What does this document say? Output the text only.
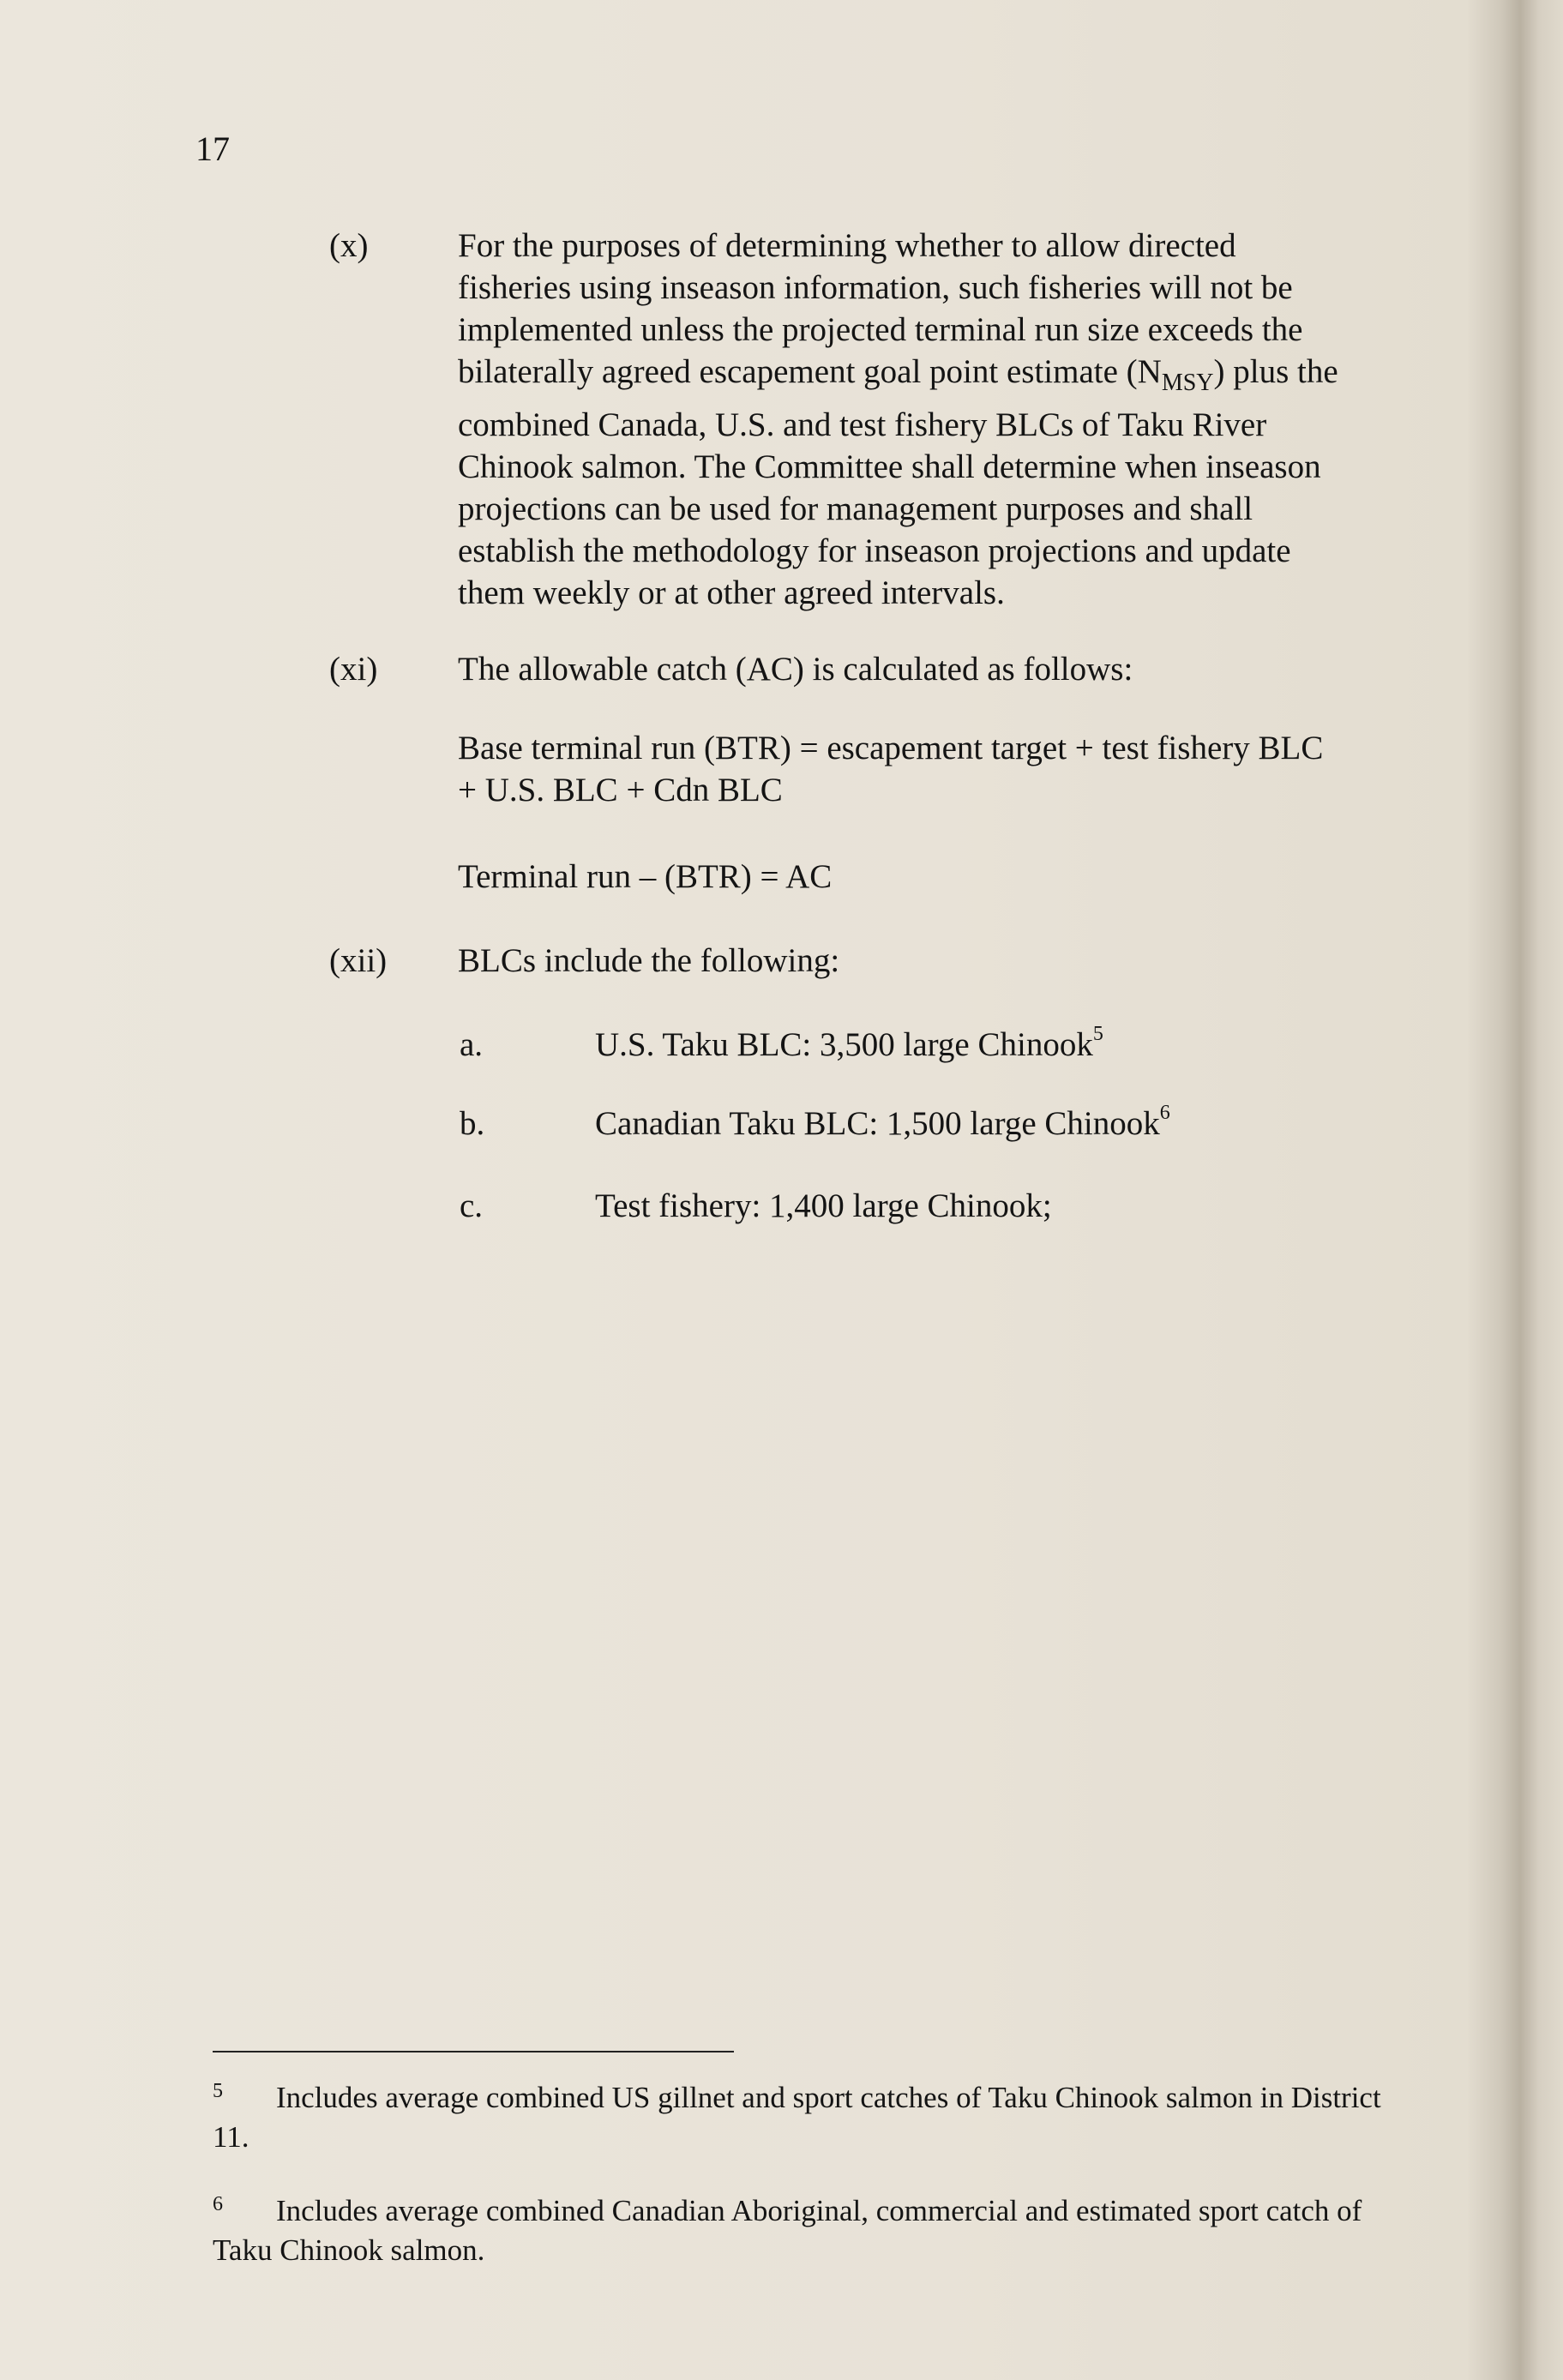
17
(x)	For the purposes of determining whether to allow directed fisheries using inseason information, such fisheries will not be implemented unless the projected terminal run size exceeds the bilaterally agreed escapement goal point estimate $(N_{MSY})$ plus the combined Canada, U.S. and test fishery BLCs of Taku River Chinook salmon. The Committee shall determine when inseason projections can be used for management purposes and shall establish the methodology for inseason projections and update them weekly or at other agreed intervals.
(xi) The allowable catch (AC) is calculated as follows:
Base terminal run (BTR) = escapement target + test fishery BLC + U.S. BLC + Cdn BLC
Terminal run – (BTR) = AC
(xii) BLCs include the following:
a.	U.S. Taku BLC: 3,500 large Chinook$^5$
b.	Canadian Taku BLC: 1,500 large Chinook$^6$
c.	Test fishery: 1,400 large Chinook;
5 Includes average combined US gillnet and sport catches of Taku Chinook salmon in District 11.
6 Includes average combined Canadian Aboriginal, commercial and estimated sport catch of Taku Chinook salmon.
